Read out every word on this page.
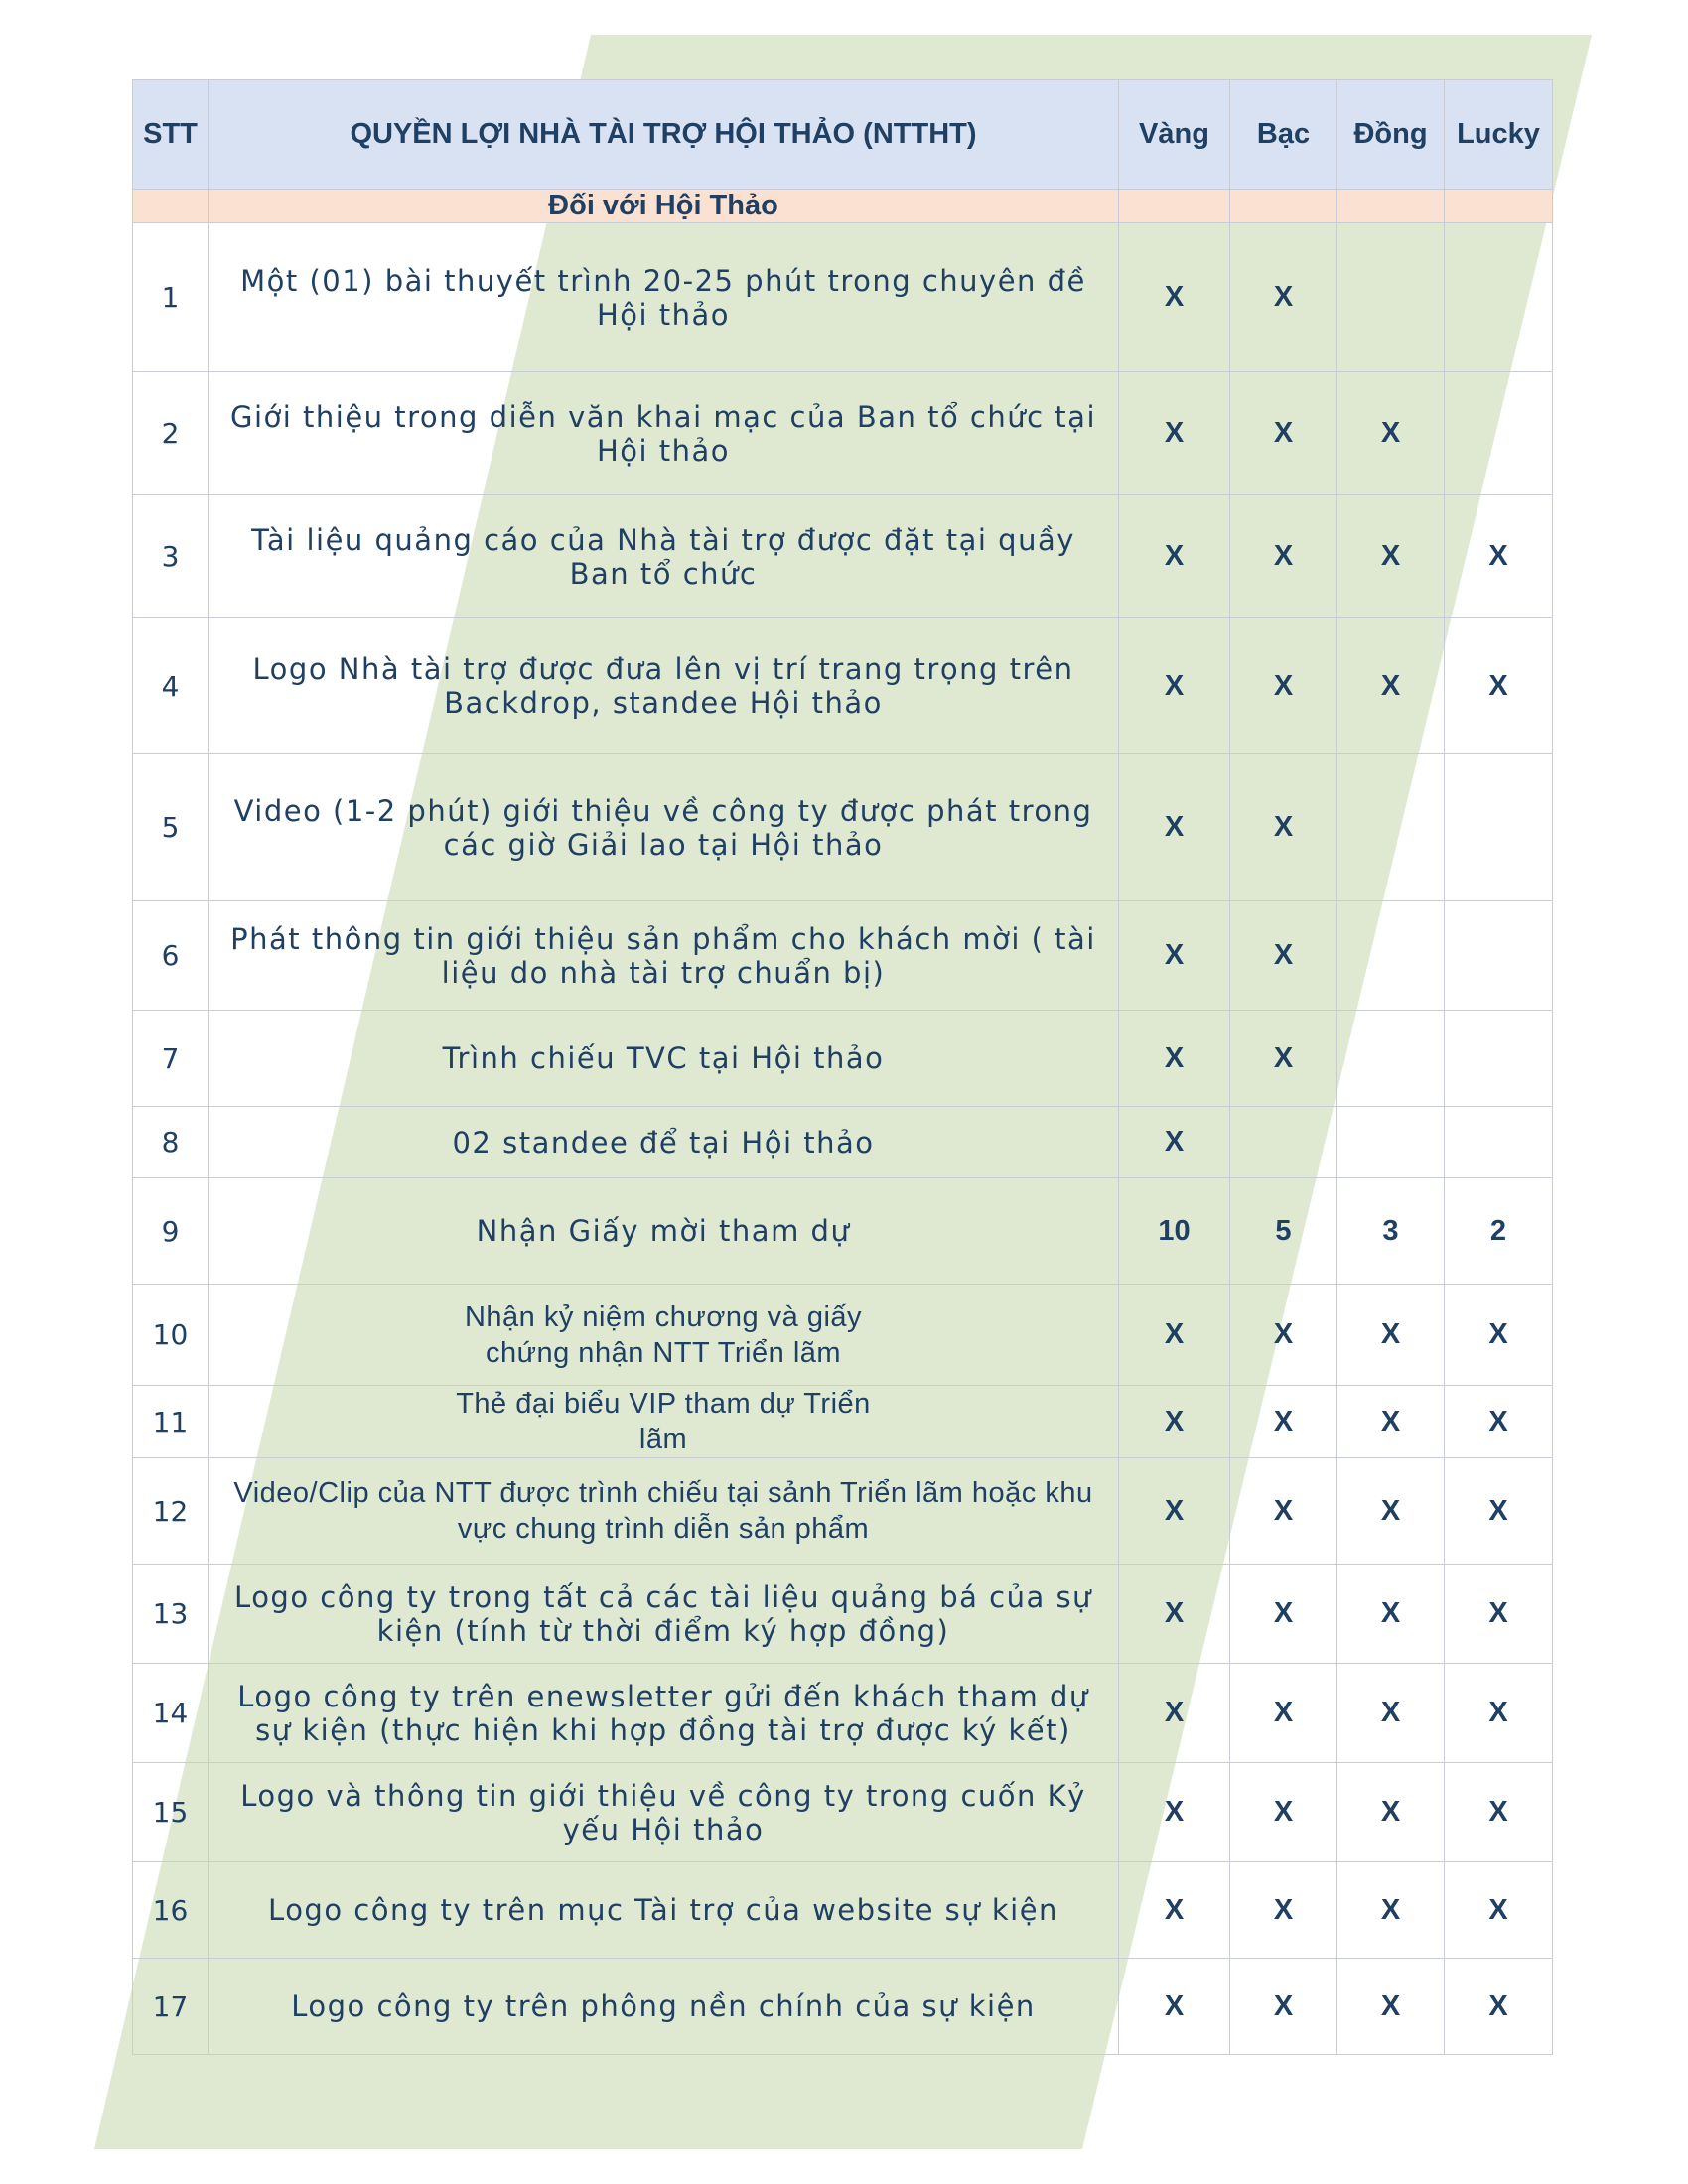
STT	QUYỀN LỢI NHÀ TÀI TRỢ HỘI THẢO (NTTHT)	Vàng	Bạc	Đồng	Lucky
	Đối với Hội Thảo				
1	Một (01) bài thuyết trình 20-25 phút trong chuyên đề Hội thảo	X	X		
2	Giới thiệu trong diễn văn khai mạc của Ban tổ chức tại Hội thảo	X	X	X	
3	Tài liệu quảng cáo của Nhà tài trợ được đặt tại quầy Ban tổ chức	X	X	X	X
4	Logo Nhà tài trợ được đưa lên vị trí trang trọng trên Backdrop, standee Hội thảo	X	X	X	X
5	Video (1-2 phút) giới thiệu về công ty được phát trong các giờ Giải lao tại Hội thảo	X	X		
6	Phát thông tin giới thiệu sản phẩm cho khách mời ( tài liệu do nhà tài trợ chuẩn bị)	X	X		
7	Trình chiếu TVC tại Hội thảo	X	X		
8	02 standee để tại Hội thảo	X			
9	Nhận Giấy mời tham dự	10	5	3	2
10	Nhận kỷ niệm chương và giấy chứng nhận NTT Triển lãm	X	X	X	X
11	Thẻ đại biểu VIP tham dự Triển lãm	X	X	X	X
12	Video/Clip của NTT được trình chiếu tại sảnh Triển lãm hoặc khu vực chung trình diễn sản phẩm	X	X	X	X
13	Logo công ty trong tất cả các tài liệu quảng bá của sự kiện (tính từ thời điểm ký hợp đồng)	X	X	X	X
14	Logo công ty trên enewsletter gửi đến khách tham dự sự kiện (thực hiện khi hợp đồng tài trợ được ký kết)	X	X	X	X
15	Logo và thông tin giới thiệu về công ty trong cuốn Kỷ yếu Hội thảo	X	X	X	X
16	Logo công ty trên mục Tài trợ của website sự kiện	X	X	X	X
17	Logo công ty trên phông nền chính của sự kiện	X	X	X	X
